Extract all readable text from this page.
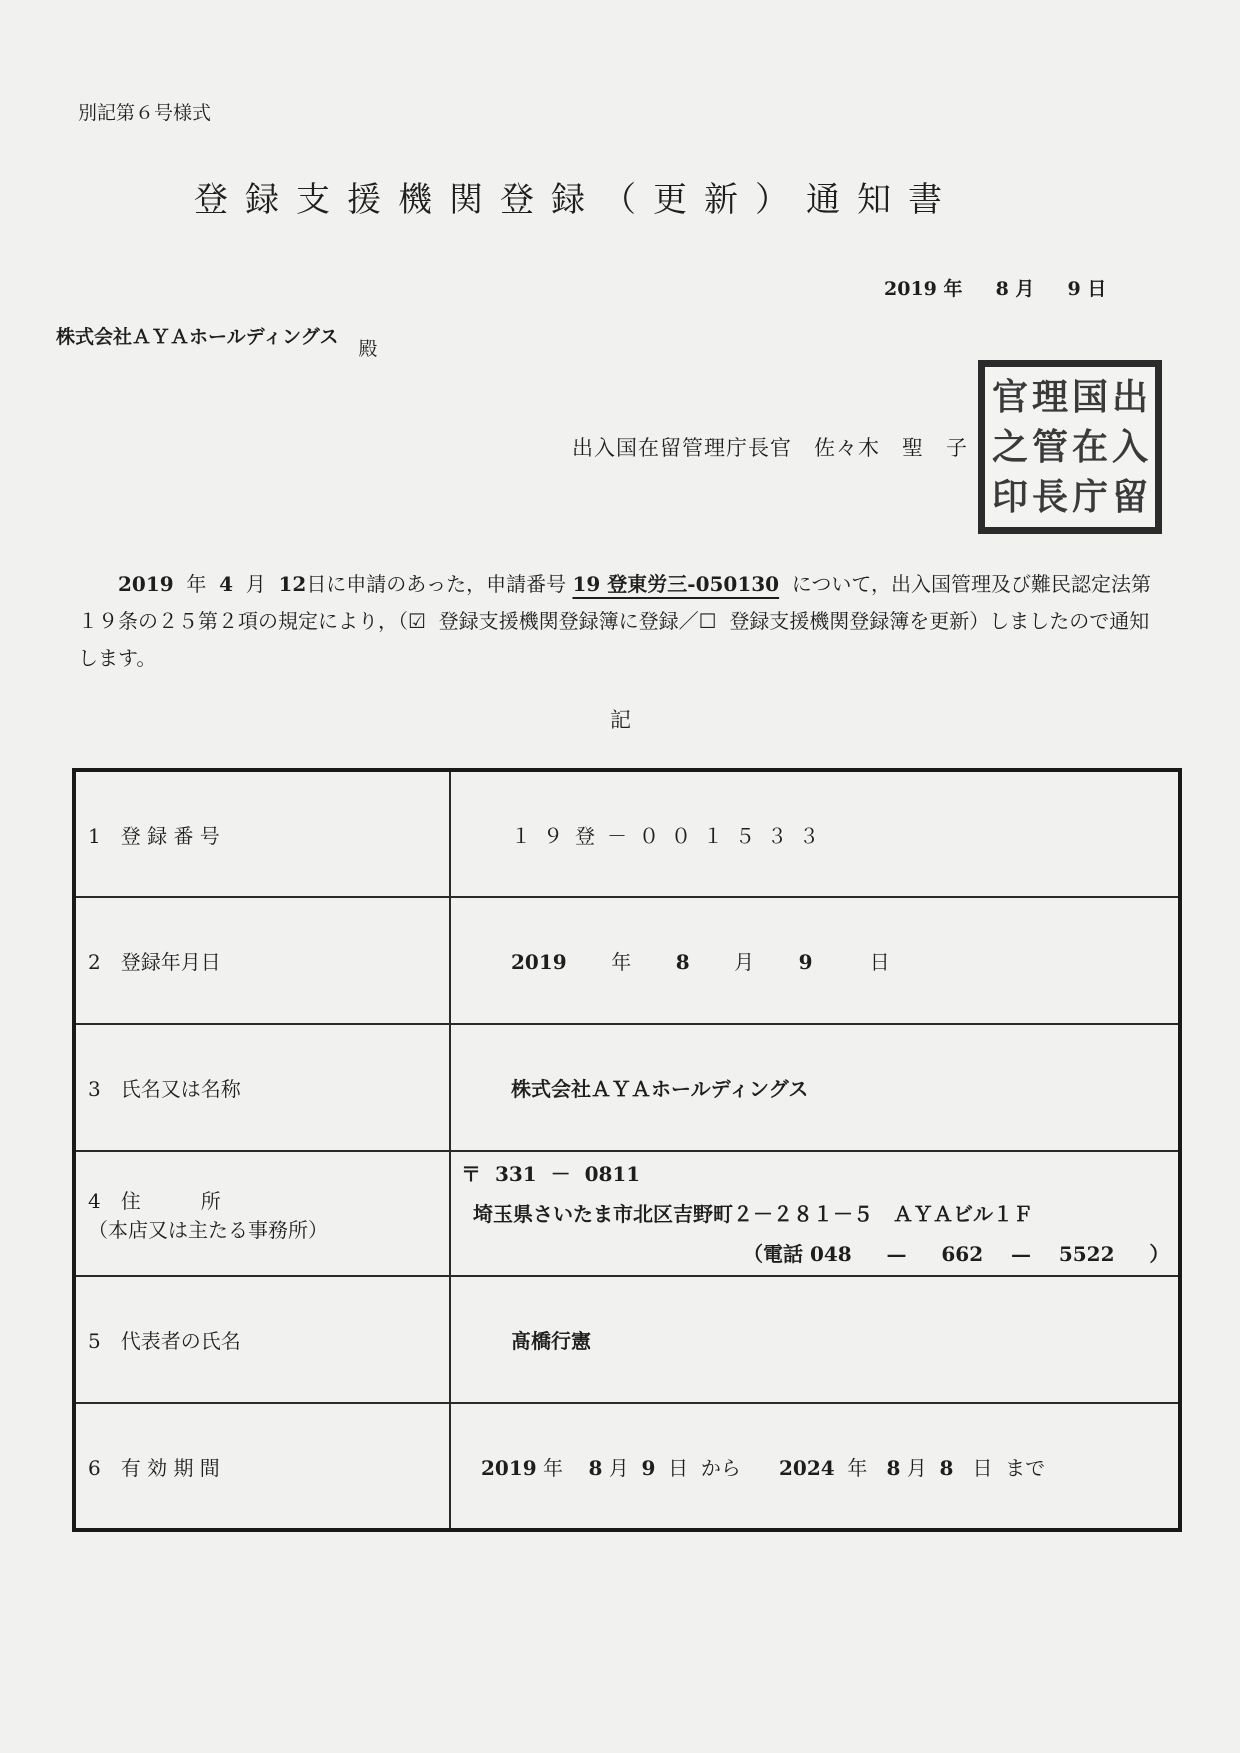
別記第６号様式
登録支援機関登録（更新）通知書
2019 年 8 月 9 日
株式会社ＡＹＡホールディングス殿
出入国在留管理庁長官 佐々木　聖　子
官 理 国 出
之 管 在 入
印 長 庁 留
2019 年 4 月 12日に申請のあった，申請番号 19 登東労三-050130 について，出入国管理及び難民認定法第１９条の２５第２項の規定により，（☑ 登録支援機関登録簿に登録／☐ 登録支援機関登録簿を更新）しましたので通知します。
記
1　登 録 番 号	１９登－００１５３３
2　登録年月日	2019 年 8 月 9 日
3　氏名又は名称	株式会社ＡＹＡホールディングス

4　住　　　所
（本店又は主たる事務所）	〒 331 － 0811
埼玉県さいたま市北区吉野町２－２８１－５　ＡＹＡビル１Ｆ
（電話 048 — 662 — 5522 ）

5　代表者の氏名	髙橋行憲
6　有 効 期 間	2019 年 8 月 9 日 から 2024 年 8 月 8 日 まで
